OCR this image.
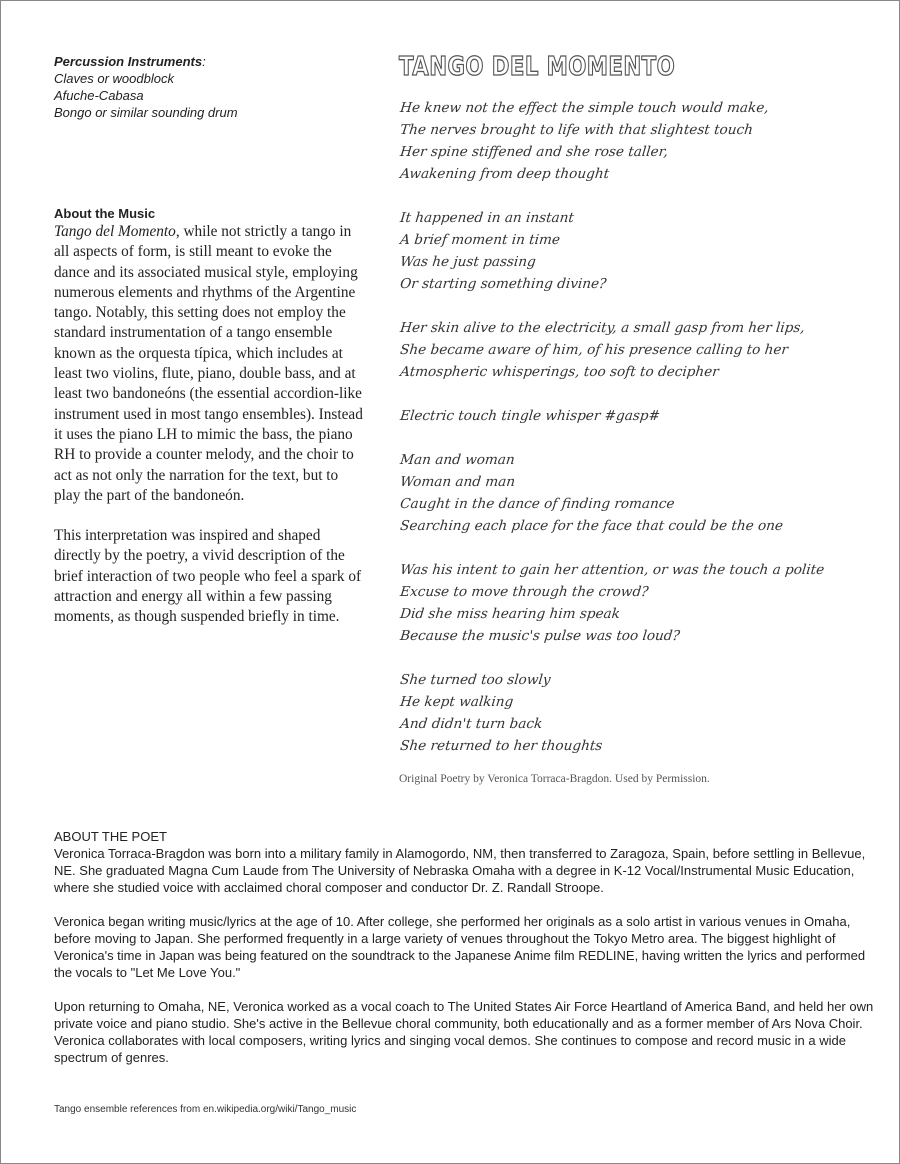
Percussion Instruments:

Claves or woodblock

Afuche-Cabasa

Bongo or similar sounding drum

About the Music

Tango del Momento, while not strictly a tango in all aspects of form, is still meant to evoke the dance and its associated musical style, employing numerous elements and rhythms of the Argentine tango. Notably, this setting does not employ the standard instrumentation of a tango ensemble known as the orquesta típica, which includes at least two violins, flute, piano, double bass, and at least two bandoneóns (the essential accordion-like instrument used in most tango ensembles). Instead it uses the piano LH to mimic the bass, the piano RH to provide a counter melody, and the choir to act as not only the narration for the text, but to play the part of the bandoneón.

This interpretation was inspired and shaped directly by the poetry, a vivid description of the brief interaction of two people who feel a spark of attraction and energy all within a few passing moments, as though suspended briefly in time.

TANGO DEL MOMENTO
He knew not the effect the simple touch would make,
The nerves brought to life with that slightest touch
Her spine stiffened and she rose taller,
Awakening from deep thought
It happened in an instant
A brief moment in time
Was he just passing
Or starting something divine?
Her skin alive to the electricity, a small gasp from her lips,
She became aware of him, of his presence calling to her
Atmospheric whisperings, too soft to decipher
Electric touch tingle whisper #gasp#
Man and woman
Woman and man
Caught in the dance of finding romance
Searching each place for the face that could be the one
Was his intent to gain her attention, or was the touch a polite
Excuse to move through the crowd?
Did she miss hearing him speak
Because the music's pulse was too loud?
She turned too slowly
He kept walking
And didn't turn back
She returned to her thoughts
Original Poetry by Veronica Torraca-Bragdon. Used by Permission.

ABOUT THE POET

Veronica Torraca-Bragdon was born into a military family in Alamogordo, NM, then transferred to Zaragoza, Spain, before settling in Bellevue, NE. She graduated Magna Cum Laude from The University of Nebraska Omaha with a degree in K-12 Vocal/Instrumental Music Education, where she studied voice with acclaimed choral composer and conductor Dr. Z. Randall Stroope.

Veronica began writing music/lyrics at the age of 10. After college, she performed her originals as a solo artist in various venues in Omaha, before moving to Japan. She performed frequently in a large variety of venues throughout the Tokyo Metro area. The biggest highlight of Veronica's time in Japan was being featured on the soundtrack to the Japanese Anime film REDLINE, having written the lyrics and performed the vocals to "Let Me Love You."

Upon returning to Omaha, NE, Veronica worked as a vocal coach to The United States Air Force Heartland of America Band, and held her own private voice and piano studio. She's active in the Bellevue choral community, both educationally and as a former member of Ars Nova Choir. Veronica collaborates with local composers, writing lyrics and singing vocal demos. She continues to compose and record music in a wide spectrum of genres.

Tango ensemble references from en.wikipedia.org/wiki/Tango_music
